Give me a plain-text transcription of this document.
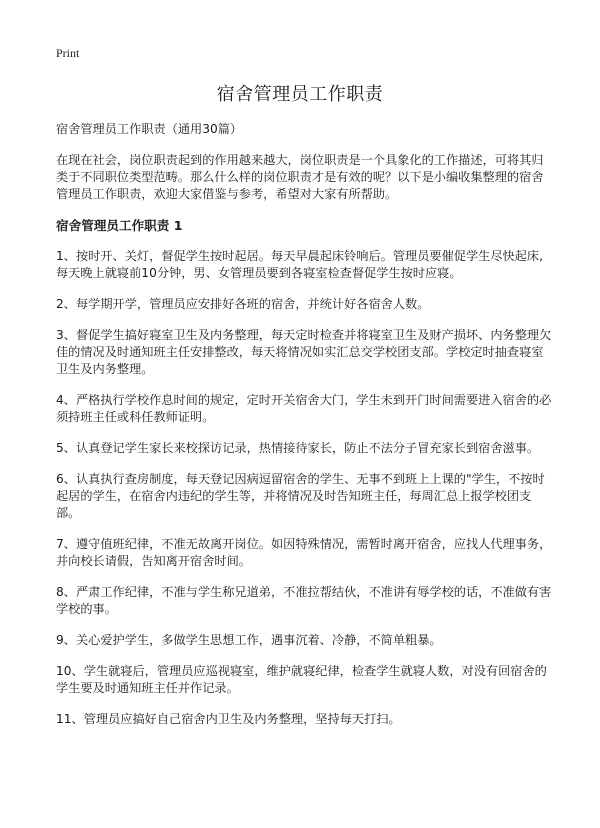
Print
宿舍管理员工作职责

宿舍管理员工作职责（通用30篇）

在现在社会，岗位职责起到的作用越来越大，岗位职责是一个具象化的工作描述，可将其归类于不同职位类型范畴。那么什么样的岗位职责才是有效的呢？以下是小编收集整理的宿舍管理员工作职责，欢迎大家借鉴与参考，希望对大家有所帮助。

宿舍管理员工作职责 1

1、按时开、关灯，督促学生按时起居。每天早晨起床铃响后。管理员要催促学生尽快起床,每天晚上就寝前10分钟，男、女管理员要到各寝室检查督促学生按时应寝。

2、每学期开学，管理员应安排好各班的宿舍，并统计好各宿舍人数。

3、督促学生搞好寝室卫生及内务整理，每天定时检查并将寝室卫生及财产损坏、内务整理欠佳的情况及时通知班主任安排整改，每天将情况如实汇总交学校团支部。学校定时抽查寝室卫生及内务整理。

4、严格执行学校作息时间的规定，定时开关宿舍大门，学生未到开门时间需要进入宿舍的必须持班主任或科任教师证明。

5、认真登记学生家长来校探访记录，热情接待家长，防止不法分子冒充家长到宿舍滋事。

6、认真执行查房制度，每天登记因病逗留宿舍的学生、无事不到班上上课的"学生，不按时起居的学生，在宿舍内违纪的学生等，并将情况及时告知班主任，每周汇总上报学校团支部。

7、遵守值班纪律，不准无故离开岗位。如因特殊情况，需暂时离开宿舍，应找人代理事务，并向校长请假，告知离开宿舍时间。

8、严肃工作纪律，不准与学生称兄道弟，不准拉帮结伙，不准讲有辱学校的话，不准做有害学校的事。

9、关心爱护学生，多做学生思想工作，遇事沉着、冷静，不简单粗暴。

10、学生就寝后，管理员应巡视寝室，维护就寝纪律，检查学生就寝人数，对没有回宿舍的学生要及时通知班主任并作记录。

11、管理员应搞好自己宿舍内卫生及内务整理，坚持每天打扫。
